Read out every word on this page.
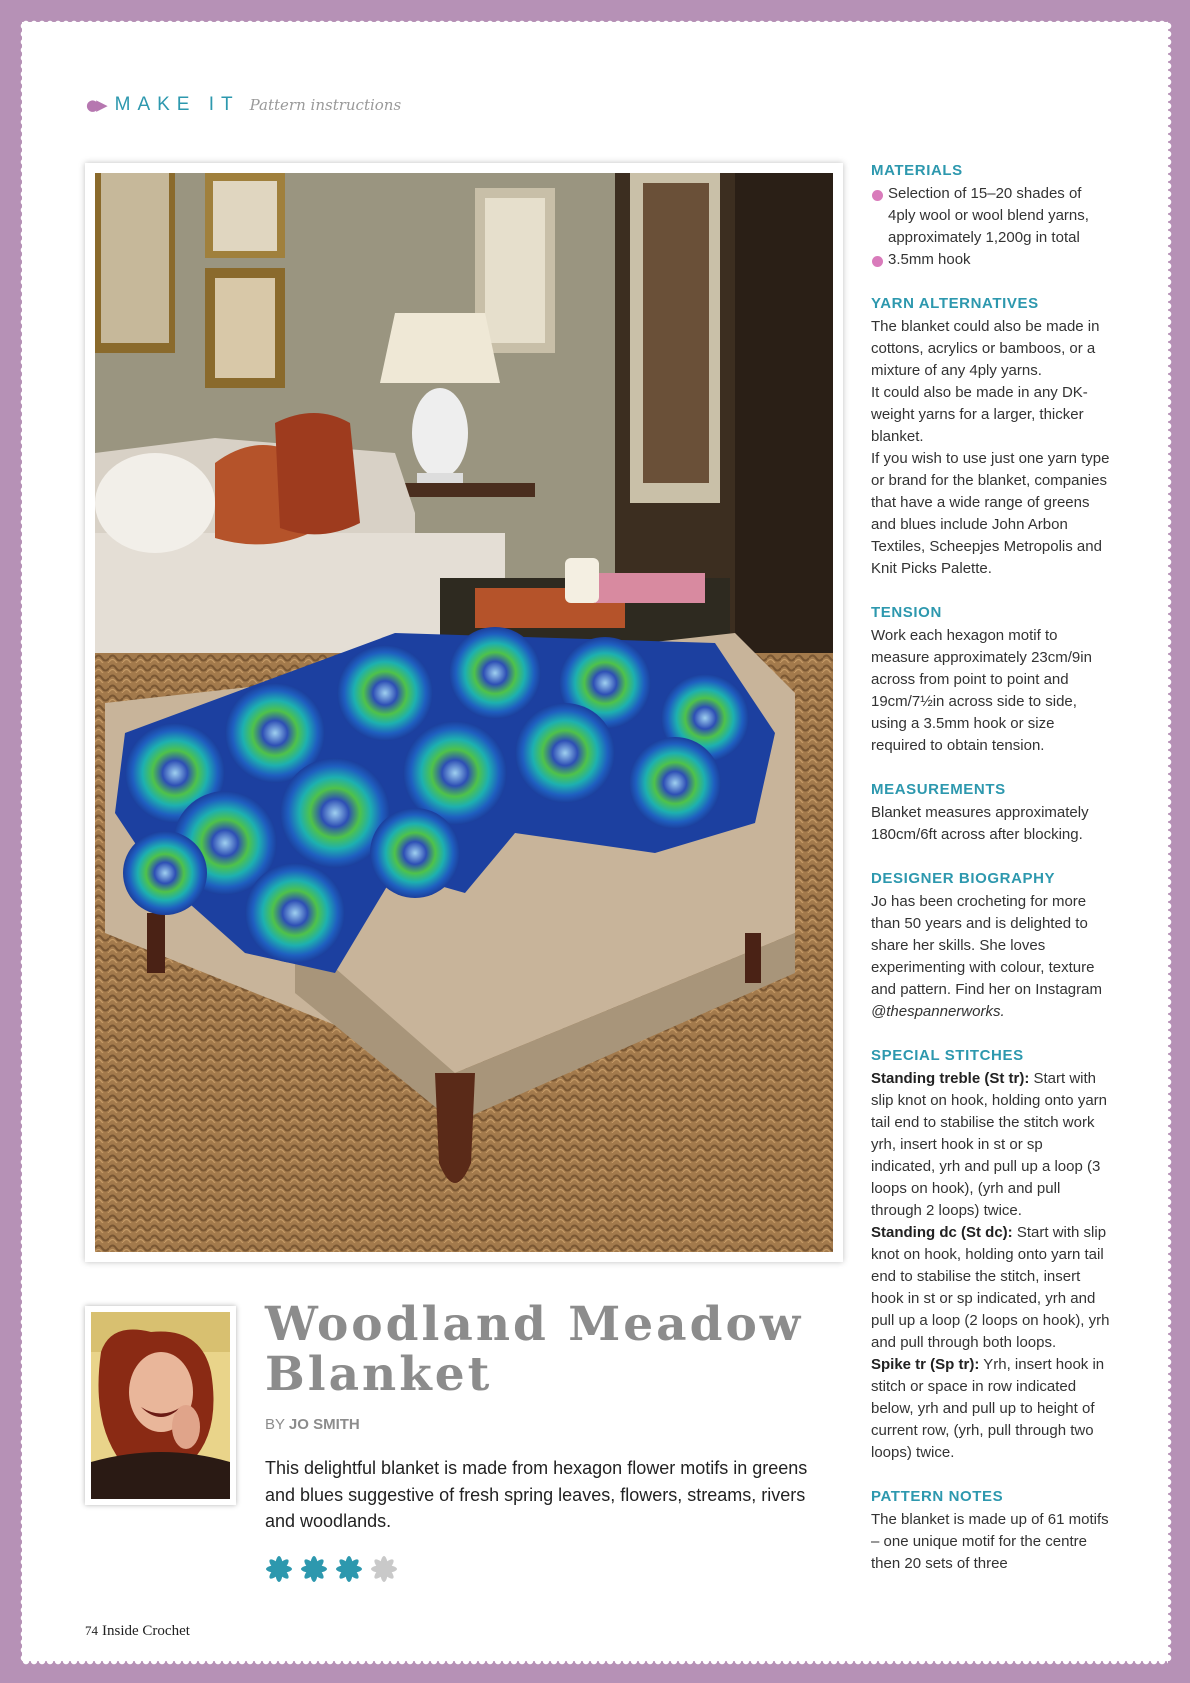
●▶ MAKE IT Pattern instructions
Woodland Meadow Blanket
BY JO SMITH
This delightful blanket is made from hexagon flower motifs in greens and blues suggestive of fresh spring leaves, flowers, streams, rivers and woodlands.
74 Inside Crochet
MATERIALS
Selection of 15–20 shades of 4ply wool or wool blend yarns, approximately 1,200g in total
3.5mm hook
YARN ALTERNATIVES
The blanket could also be made in cottons, acrylics or bamboos, or a mixture of any 4ply yarns.
It could also be made in any DK-weight yarns for a larger, thicker blanket.
If you wish to use just one yarn type or brand for the blanket, companies that have a wide range of greens and blues include John Arbon Textiles, Scheepjes Metropolis and Knit Picks Palette.
TENSION
Work each hexagon motif to measure approximately 23cm/9in across from point to point and 19cm/7½in across side to side, using a 3.5mm hook or size required to obtain tension.
MEASUREMENTS
Blanket measures approximately 180cm/6ft across after blocking.
DESIGNER BIOGRAPHY
Jo has been crocheting for more than 50 years and is delighted to share her skills. She loves experimenting with colour, texture and pattern. Find her on Instagram @thespannerworks.
SPECIAL STITCHES
Standing treble (St tr): Start with slip knot on hook, holding onto yarn tail end to stabilise the stitch work yrh, insert hook in st or sp indicated, yrh and pull up a loop (3 loops on hook), (yrh and pull through 2 loops) twice.
Standing dc (St dc): Start with slip knot on hook, holding onto yarn tail end to stabilise the stitch, insert hook in st or sp indicated, yrh and pull up a loop (2 loops on hook), yrh and pull through both loops.
Spike tr (Sp tr): Yrh, insert hook in stitch or space in row indicated below, yrh and pull up to height of current row, (yrh, pull through two loops) twice.
PATTERN NOTES
The blanket is made up of 61 motifs – one unique motif for the centre then 20 sets of three
